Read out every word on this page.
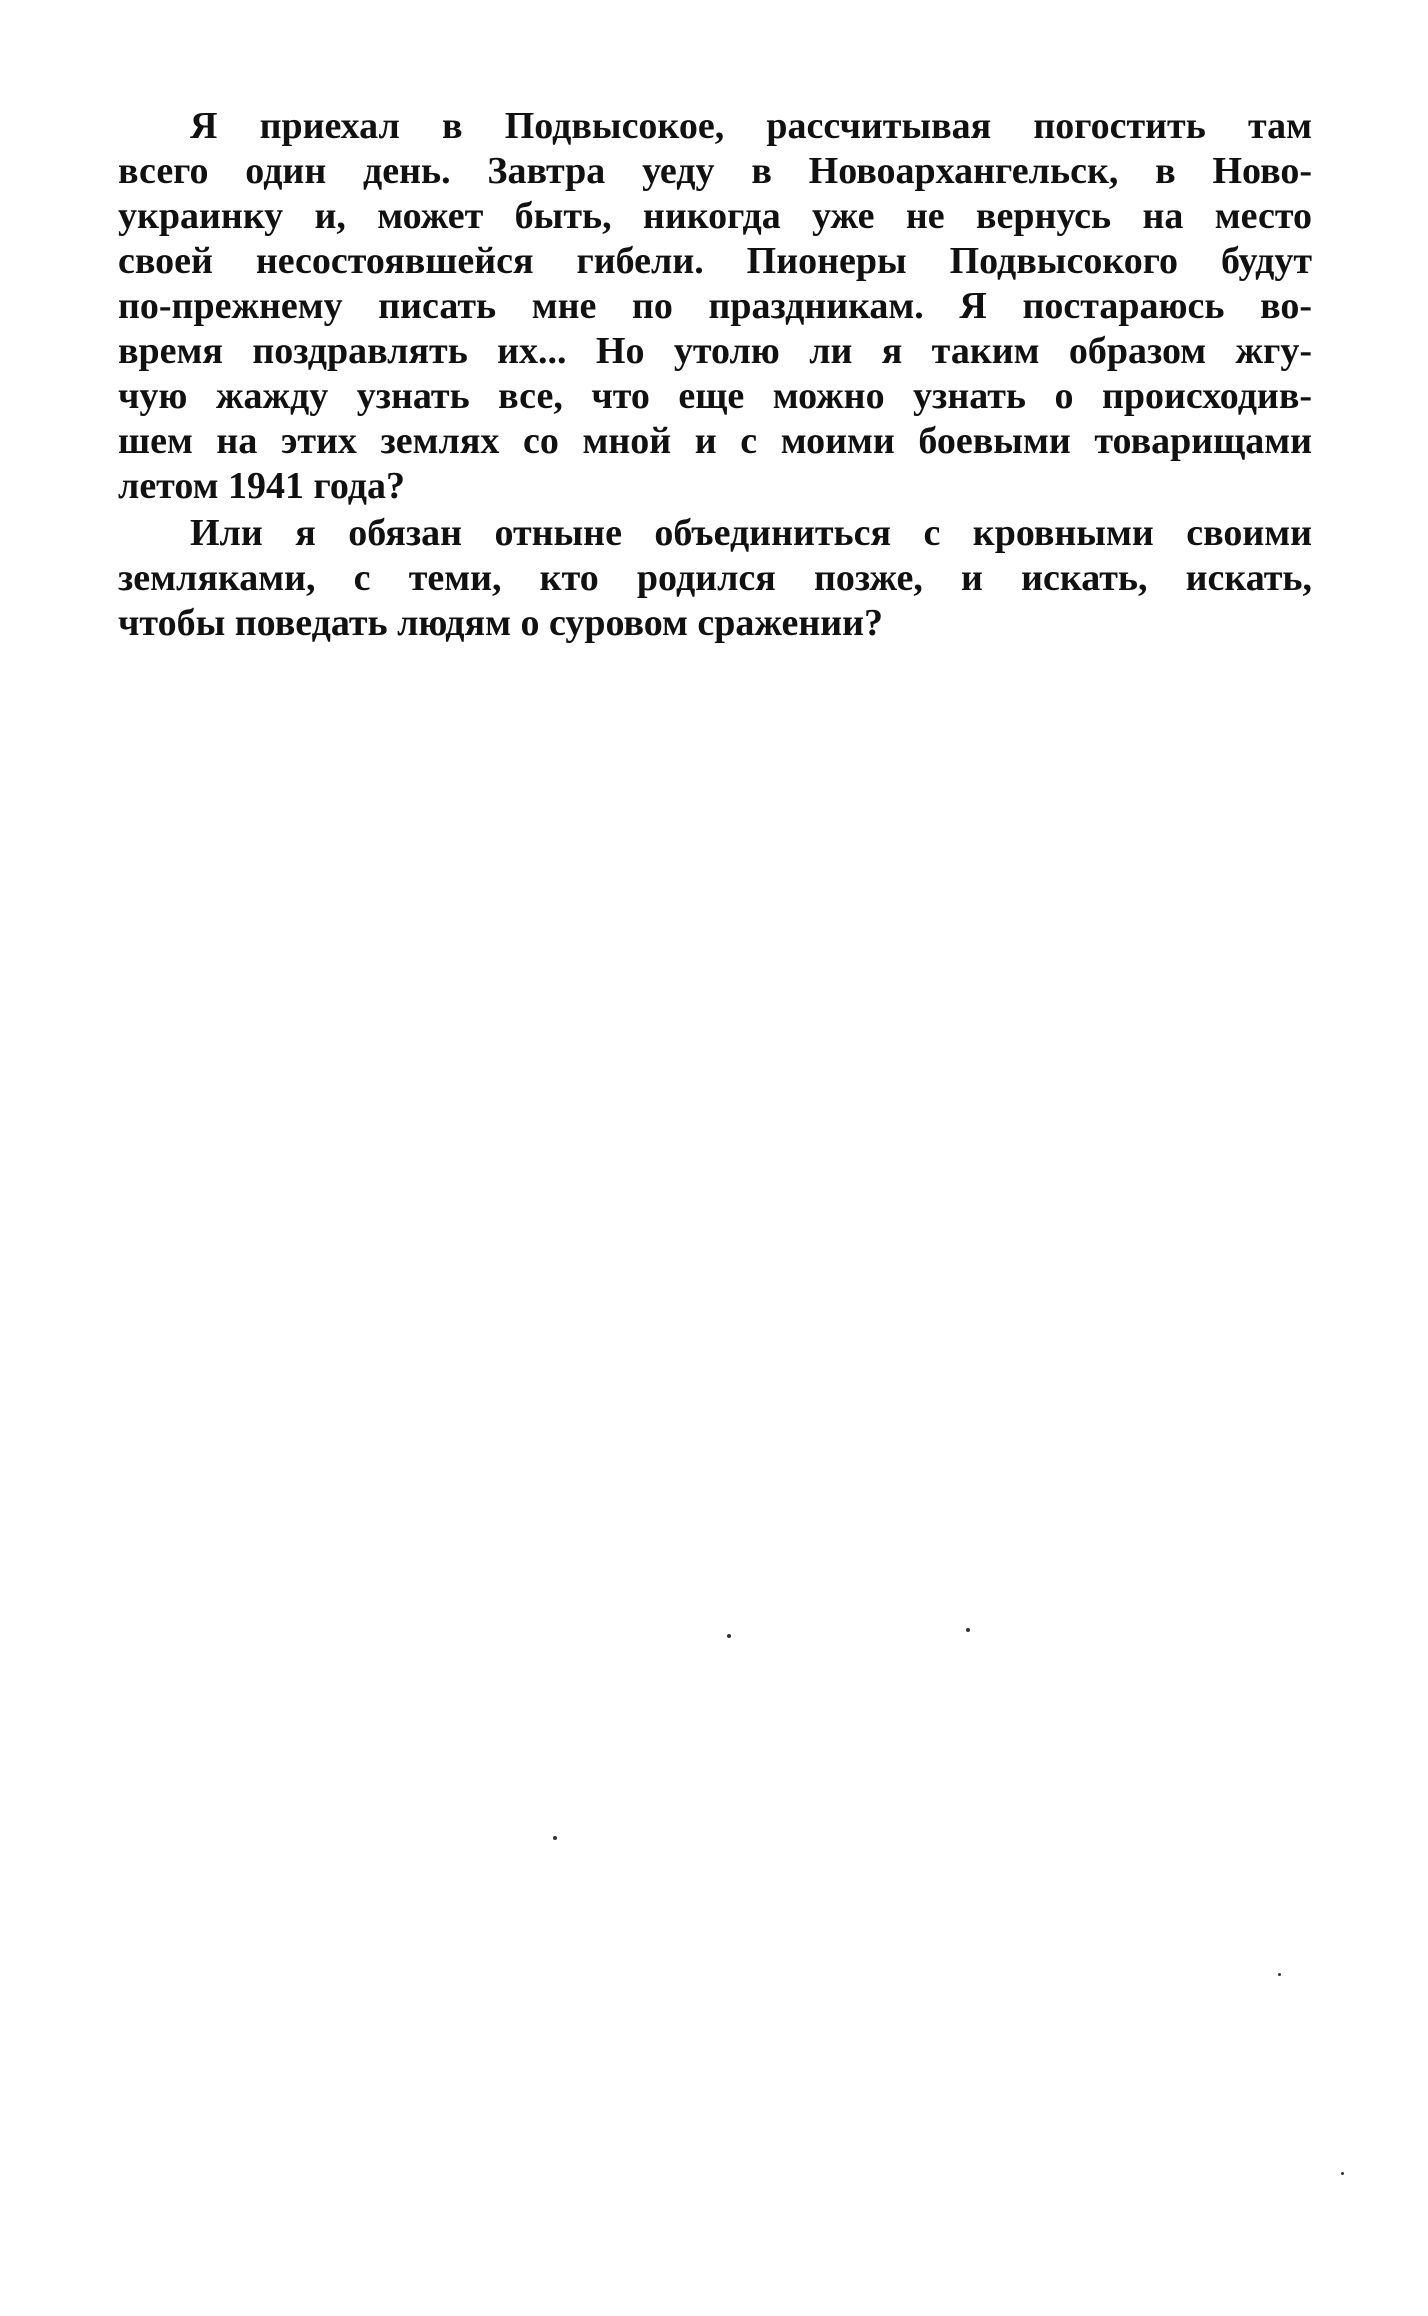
Я приехал в Подвысокое, рассчитывая погостить там
всего один день. Завтра уеду в Новоархангельск, в Ново-
украинку и, может быть, никогда уже не вернусь на место
своей несостоявшейся гибели. Пионеры Подвысокого будут
по-прежнему писать мне по праздникам. Я постараюсь во-
время поздравлять их... Но утолю ли я таким образом жгу-
чую жажду узнать все, что еще можно узнать о происходив-
шем на этих землях со мной и с моими боевыми товарищами
летом 1941 года?
Или я обязан отныне объединиться с кровными своими
земляками, с теми, кто родился позже, и искать, искать,
чтобы поведать людям о суровом сражении?
